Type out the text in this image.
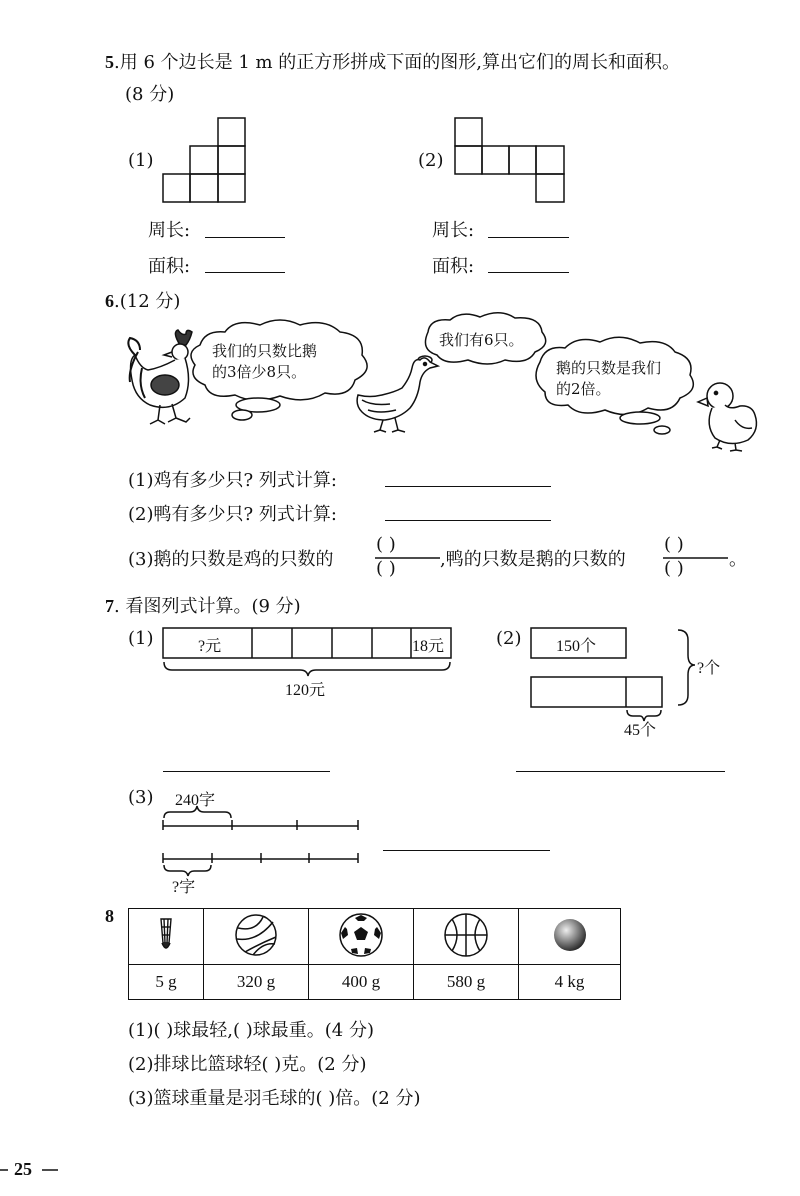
5.用 6 个边长是 1 m 的正方形拼成下面的图形,算出它们的周长和面积。
(8 分)
(1)	(2)
周长:
面积:
周长:
面积:
6.(12 分)
我们的只数比鹅
的3倍少8只。
我们有6只。
鹅的只数是我们
的2倍。
(1)鸡有多少只? 列式计算:
(2)鸭有多少只? 列式计算:
(3)鹅的只数是鸡的只数的
( )
( ) ,鸭的只数是鹅的只数的
( )
( )	。
7. 看图列式计算。(9 分)
(1)	?元	18元
120元
(2) 150个
?个
45个
(3) 240字
?字
8

5 g	320 g	400 g	580 g	4 kg
(1)( )球最轻,( )球最重。(4 分)
(2)排球比篮球轻( )克。(2 分)
(3)篮球重量是羽毛球的( )倍。(2 分)
25
